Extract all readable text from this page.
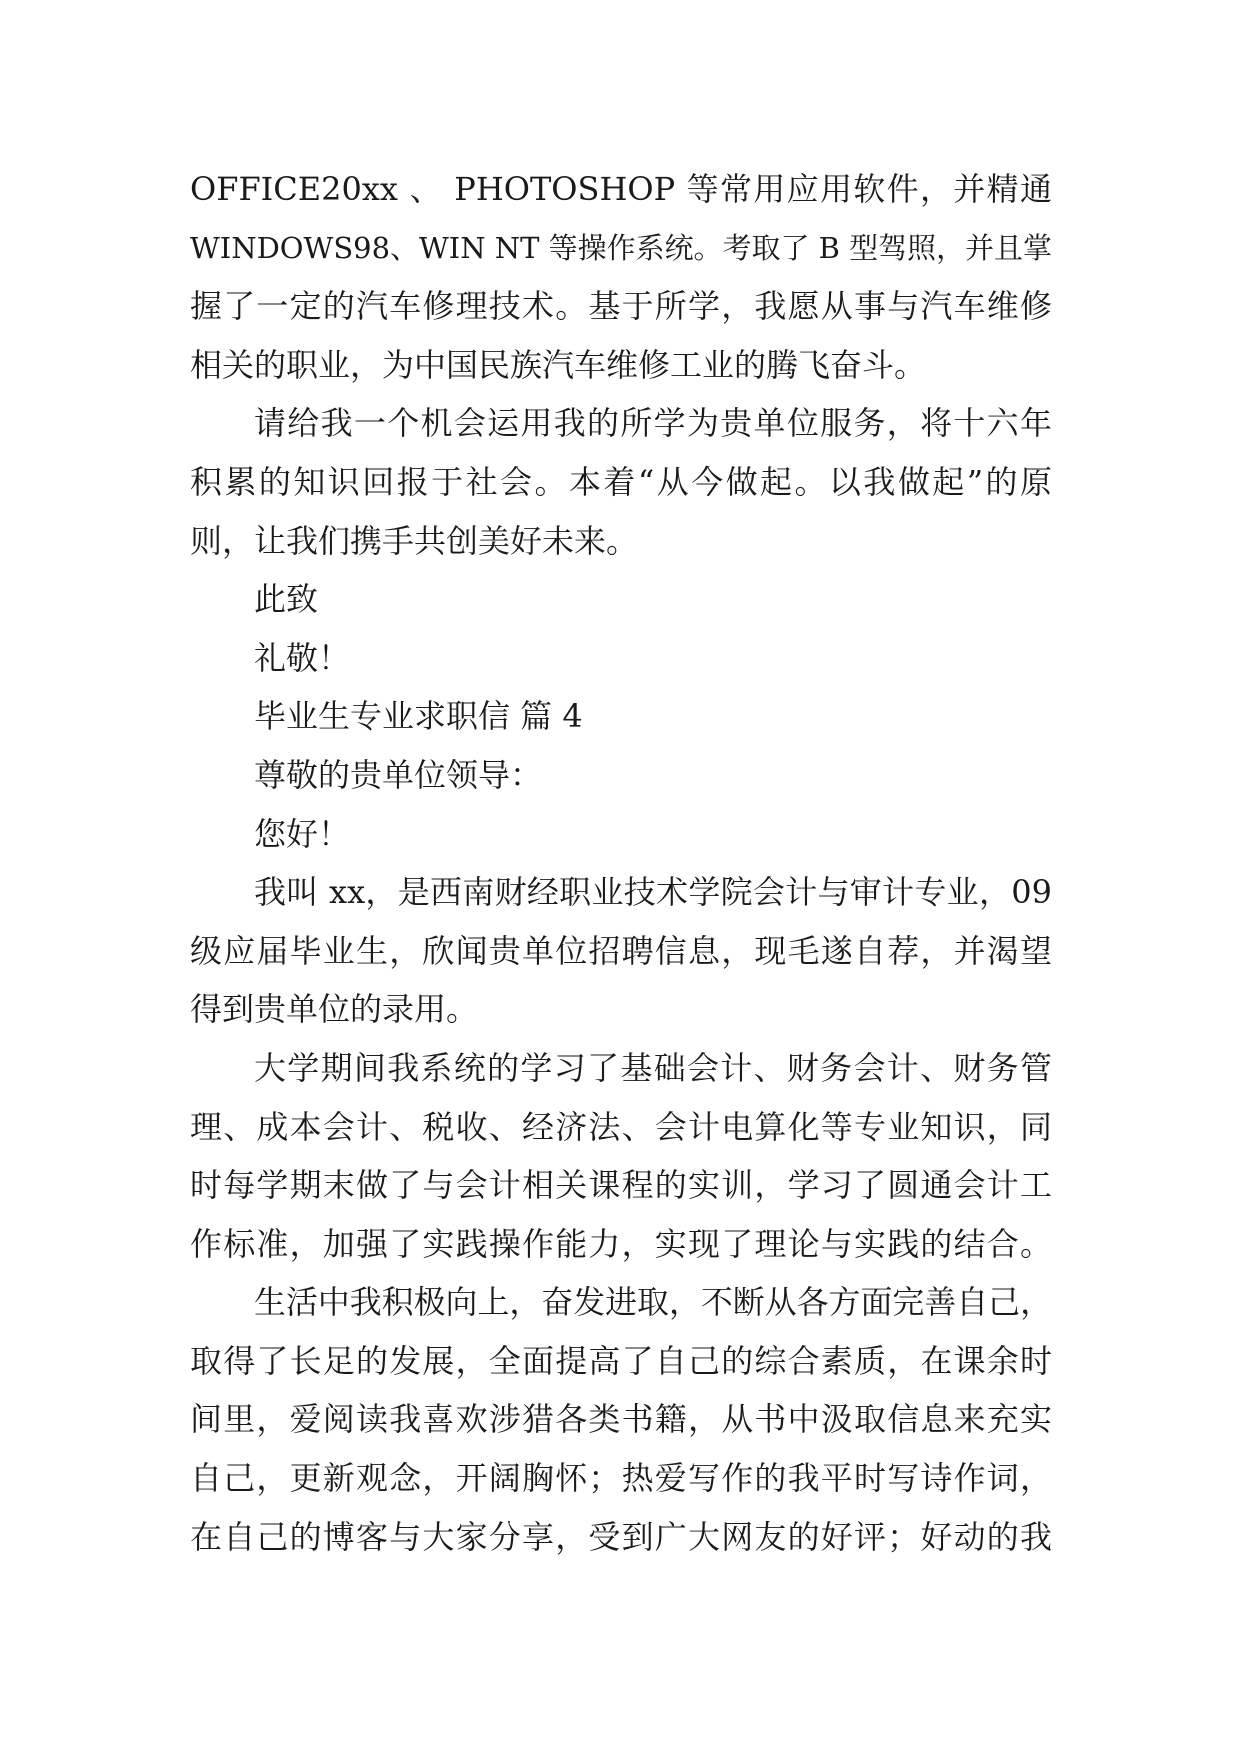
OFFICE20xx 、 PHOTOSHOP 等常用应用软件，并精通
WINDOWS98、WIN NT 等操作系统。考取了 B 型驾照，并且掌
握了一定的汽车修理技术。基于所学，我愿从事与汽车维修
相关的职业，为中国民族汽车维修工业的腾飞奋斗。
请给我一个机会运用我的所学为贵单位服务，将十六年
积累的知识回报于社会。本着“从今做起。以我做起”的原
则，让我们携手共创美好未来。
此致
礼敬！
毕业生专业求职信 篇 4
尊敬的贵单位领导：
您好！
我叫 xx，是西南财经职业技术学院会计与审计专业，09
级应届毕业生，欣闻贵单位招聘信息，现毛遂自荐，并渴望
得到贵单位的录用。
大学期间我系统的学习了基础会计、财务会计、财务管
理、成本会计、税收、经济法、会计电算化等专业知识，同
时每学期末做了与会计相关课程的实训，学习了圆通会计工
作标准，加强了实践操作能力，实现了理论与实践的结合。
生活中我积极向上，奋发进取，不断从各方面完善自己，
取得了长足的发展，全面提高了自己的综合素质，在课余时
间里，爱阅读我喜欢涉猎各类书籍，从书中汲取信息来充实
自己，更新观念，开阔胸怀；热爱写作的我平时写诗作词，
在自己的博客与大家分享，受到广大网友的好评；好动的我
